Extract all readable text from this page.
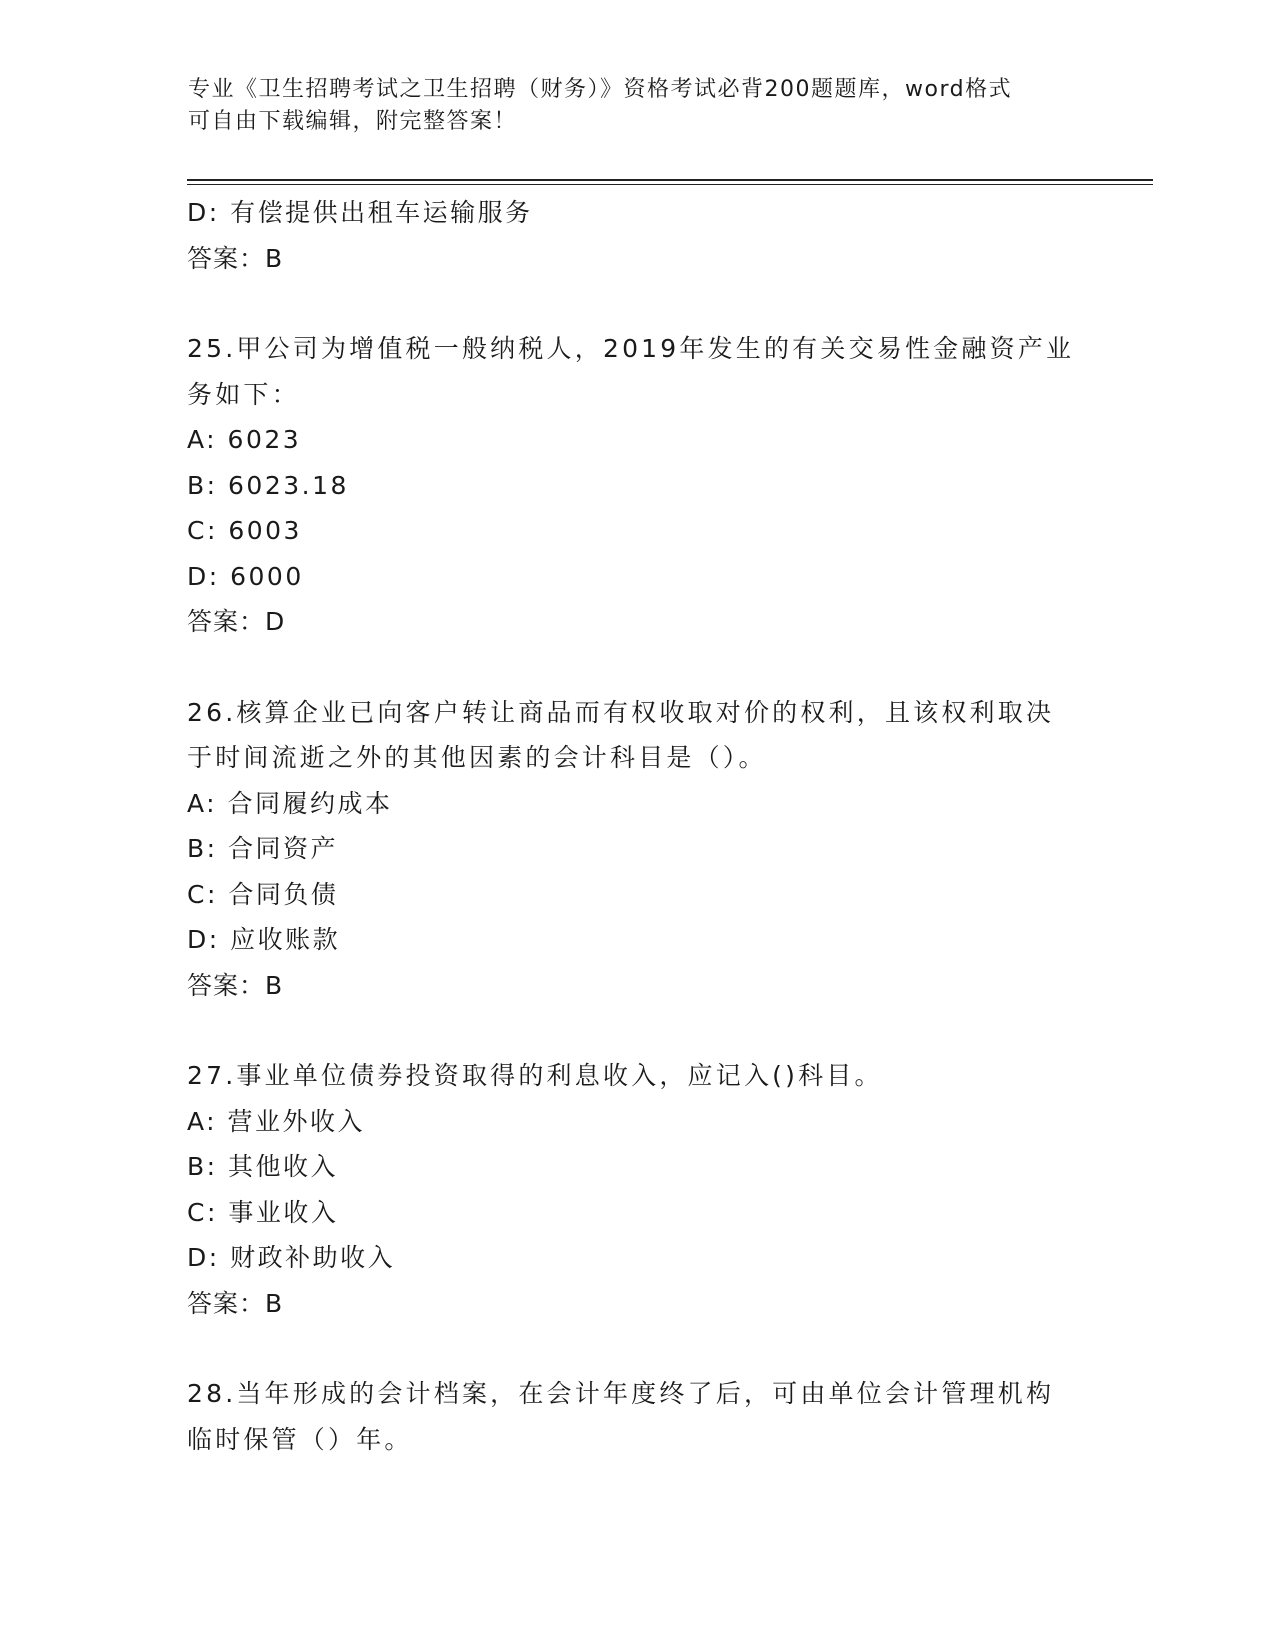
专业《卫生招聘考试之卫生招聘（财务）》资格考试必背200题题库，word格式
可自由下载编辑，附完整答案！
D: 有偿提供出租车运输服务
答案：B
25.甲公司为增值税一般纳税人，2019年发生的有关交易性金融资产业
务如下：
A: 6023
B: 6023.18
C: 6003
D: 6000
答案：D
26.核算企业已向客户转让商品而有权收取对价的权利，且该权利取决
于时间流逝之外的其他因素的会计科目是（）。
A: 合同履约成本
B: 合同资产
C: 合同负债
D: 应收账款
答案：B
27.事业单位债券投资取得的利息收入，应记入()科目。
A: 营业外收入
B: 其他收入
C: 事业收入
D: 财政补助收入
答案：B
28.当年形成的会计档案，在会计年度终了后，可由单位会计管理机构
临时保管（）年。
